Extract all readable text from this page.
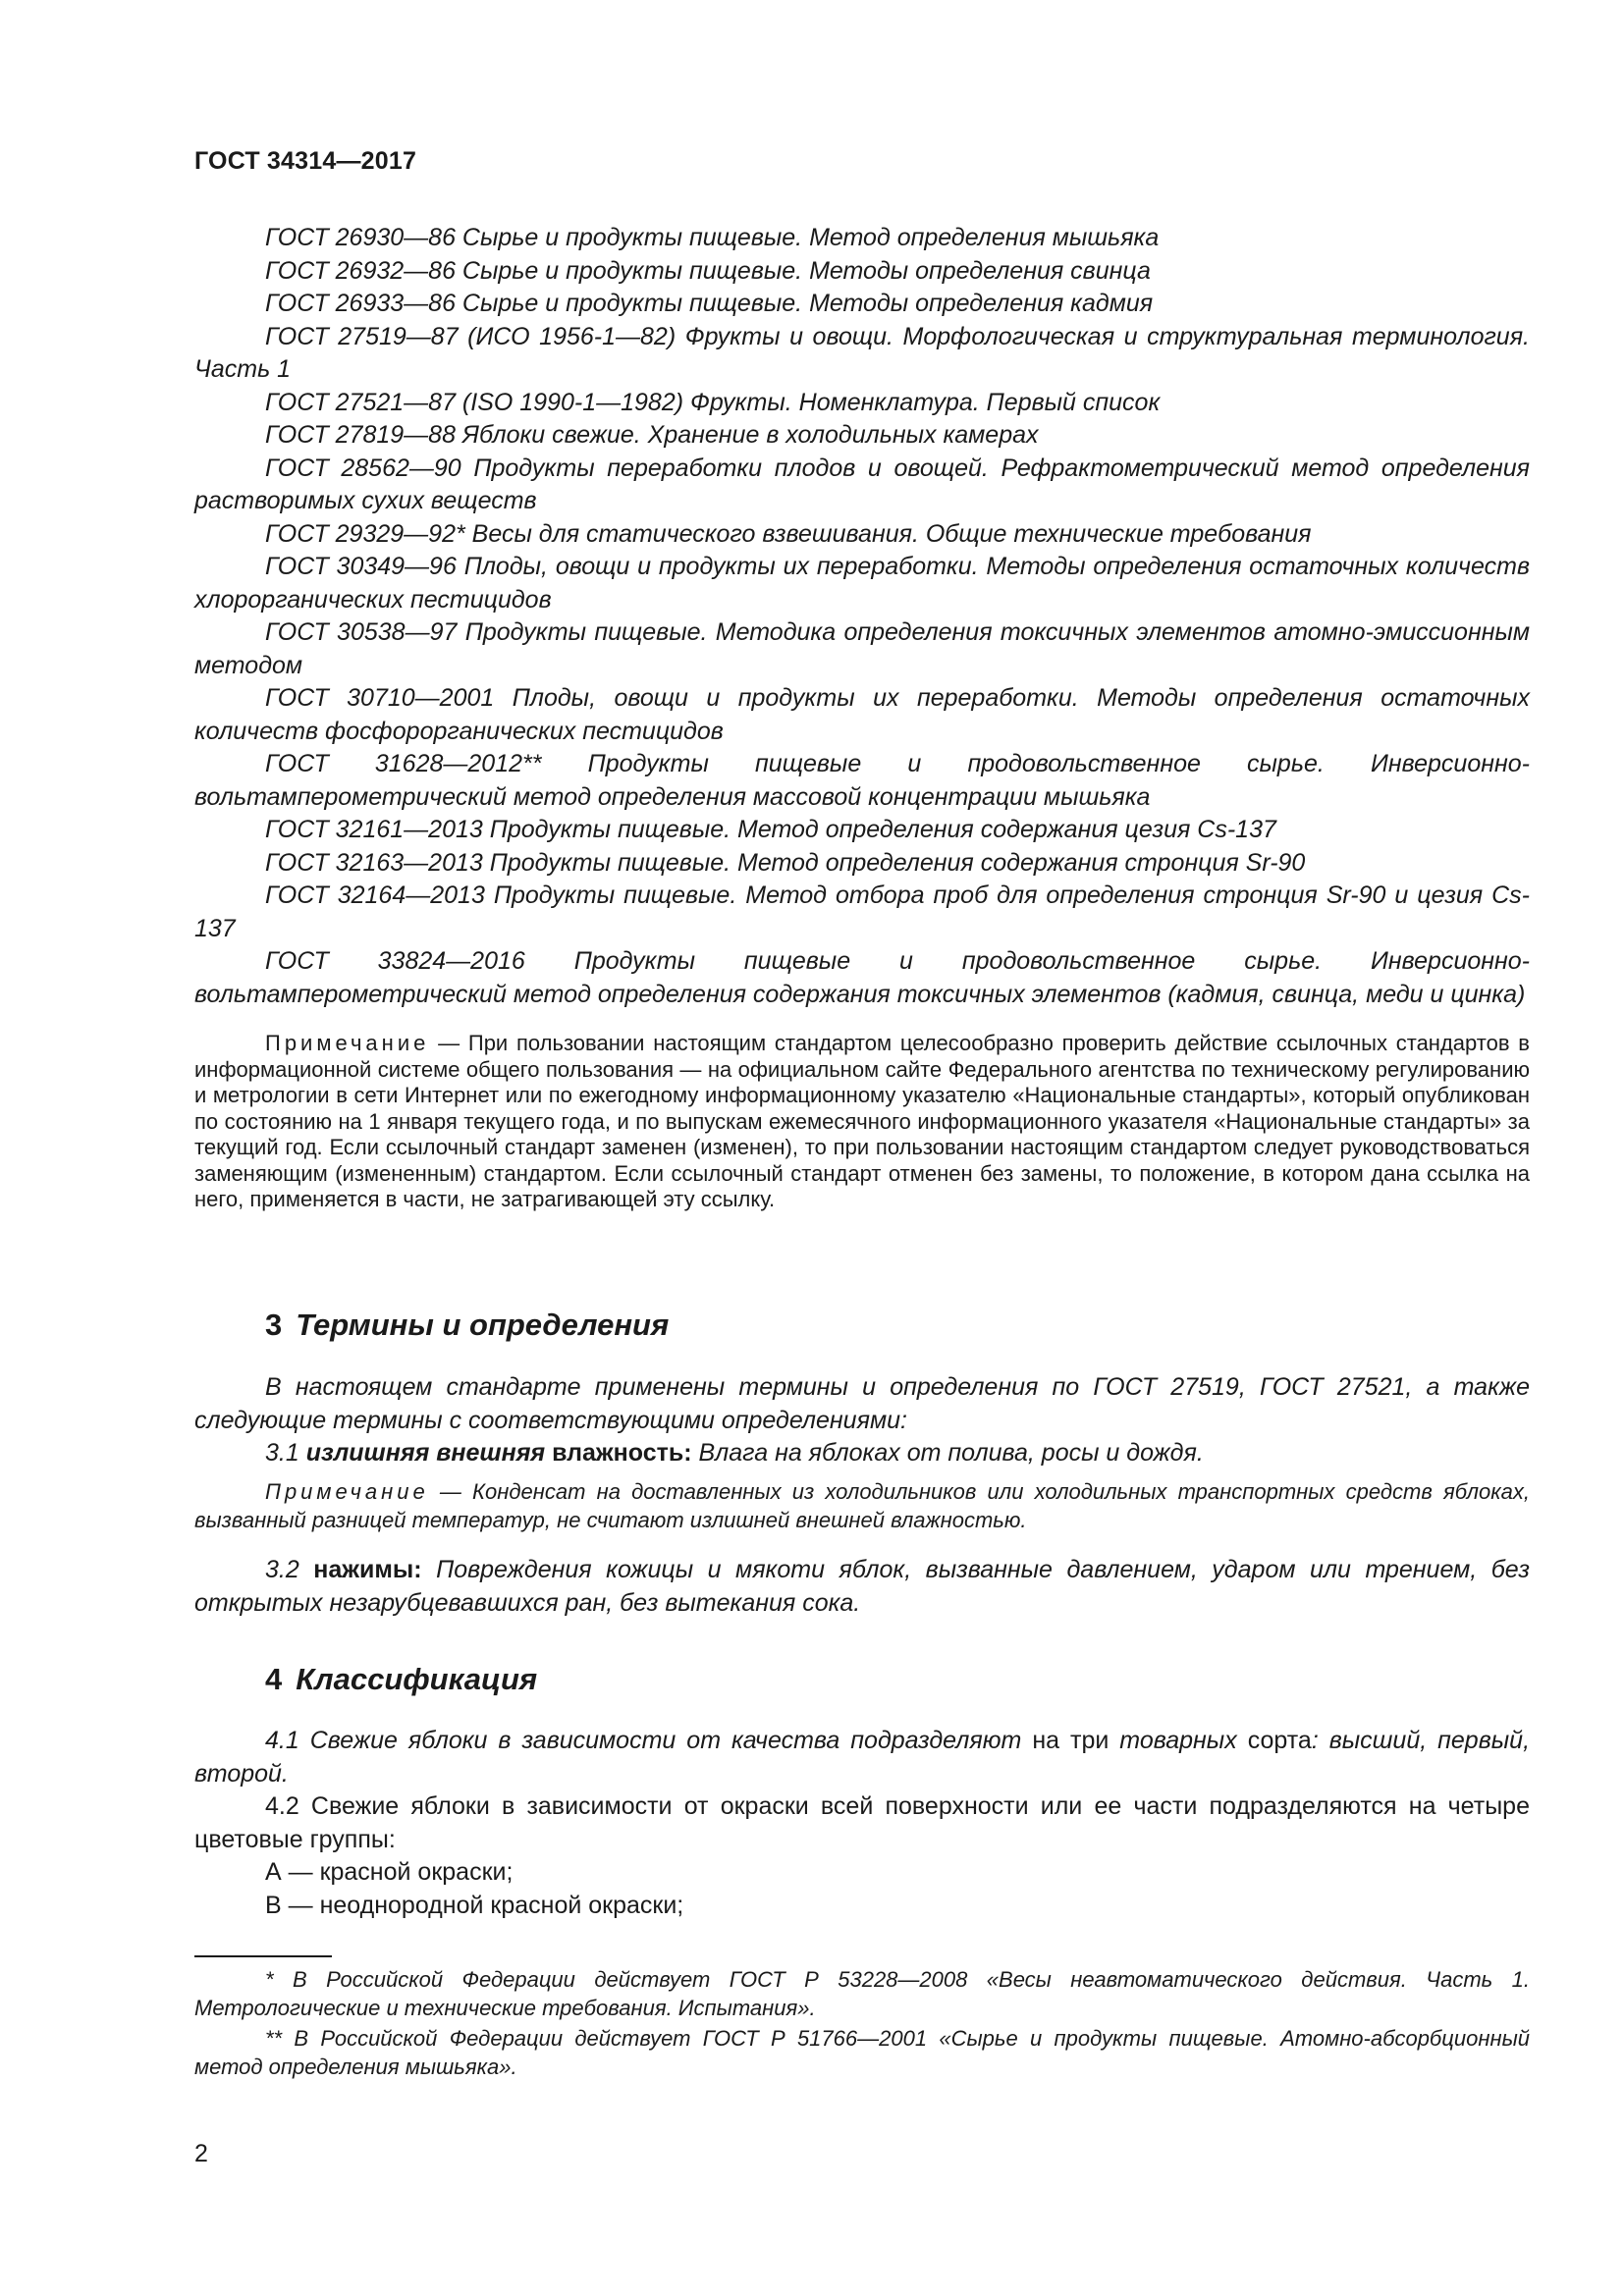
ГОСТ 34314—2017

ГОСТ 26930—86 Сырье и продукты пищевые. Метод определения мышьяка

ГОСТ 26932—86 Сырье и продукты пищевые. Методы определения свинца

ГОСТ 26933—86 Сырье и продукты пищевые. Методы определения кадмия

ГОСТ 27519—87 (ИСО 1956-1—82) Фрукты и овощи. Морфологическая и структуральная терминология. Часть 1

ГОСТ 27521—87 (ISO 1990-1—1982) Фрукты. Номенклатура. Первый список

ГОСТ 27819—88 Яблоки свежие. Хранение в холодильных камерах

ГОСТ 28562—90 Продукты переработки плодов и овощей. Рефрактометрический метод определения растворимых сухих веществ

ГОСТ 29329—92* Весы для статического взвешивания. Общие технические требования

ГОСТ 30349—96 Плоды, овощи и продукты их переработки. Методы определения остаточных количеств хлорорганических пестицидов

ГОСТ 30538—97 Продукты пищевые. Методика определения токсичных элементов атомно-эмиссионным методом

ГОСТ 30710—2001 Плоды, овощи и продукты их переработки. Методы определения остаточных количеств фосфорорганических пестицидов

ГОСТ 31628—2012** Продукты пищевые и продовольственное сырье. Инверсионно-вольтамперометрический метод определения массовой концентрации мышьяка

ГОСТ 32161—2013 Продукты пищевые. Метод определения содержания цезия Cs-137

ГОСТ 32163—2013 Продукты пищевые. Метод определения содержания стронция Sr-90

ГОСТ 32164—2013 Продукты пищевые. Метод отбора проб для определения стронция Sr-90 и цезия Cs-137

ГОСТ 33824—2016 Продукты пищевые и продовольственное сырье. Инверсионно-вольтамперометрический метод определения содержания токсичных элементов (кадмия, свинца, меди и цинка)

Примечание — При пользовании настоящим стандартом целесообразно проверить действие ссылочных стандартов в информационной системе общего пользования — на официальном сайте Федерального агентства по техническому регулированию и метрологии в сети Интернет или по ежегодному информационному указателю «Национальные стандарты», который опубликован по состоянию на 1 января текущего года, и по выпускам ежемесячного информационного указателя «Национальные стандарты» за текущий год. Если ссылочный стандарт заменен (изменен), то при пользовании настоящим стандартом следует руководствоваться заменяющим (измененным) стандартом. Если ссылочный стандарт отменен без замены, то положение, в котором дана ссылка на него, применяется в части, не затрагивающей эту ссылку.

3 Термины и определения

В настоящем стандарте применены термины и определения по ГОСТ 27519, ГОСТ 27521, а также следующие термины с соответствующими определениями:

3.1 излишняя внешняя влажность: Влага на яблоках от полива, росы и дождя.

Примечание — Конденсат на доставленных из холодильников или холодильных транспортных средств яблоках, вызванный разницей температур, не считают излишней внешней влажностью.

3.2 нажимы: Повреждения кожицы и мякоти яблок, вызванные давлением, ударом или трением, без открытых незарубцевавшихся ран, без вытекания сока.

4 Классификация

4.1 Свежие яблоки в зависимости от качества подразделяют на три товарных сорта: высший, первый, второй.

4.2 Свежие яблоки в зависимости от окраски всей поверхности или ее части подразделяются на четыре цветовые группы:

А — красной окраски;

В — неоднородной красной окраски;

* В Российской Федерации действует ГОСТ Р 53228—2008 «Весы неавтоматического действия. Часть 1. Метрологические и технические требования. Испытания».

** В Российской Федерации действует ГОСТ Р 51766—2001 «Сырье и продукты пищевые. Атомно-абсорбционный метод определения мышьяка».

2
